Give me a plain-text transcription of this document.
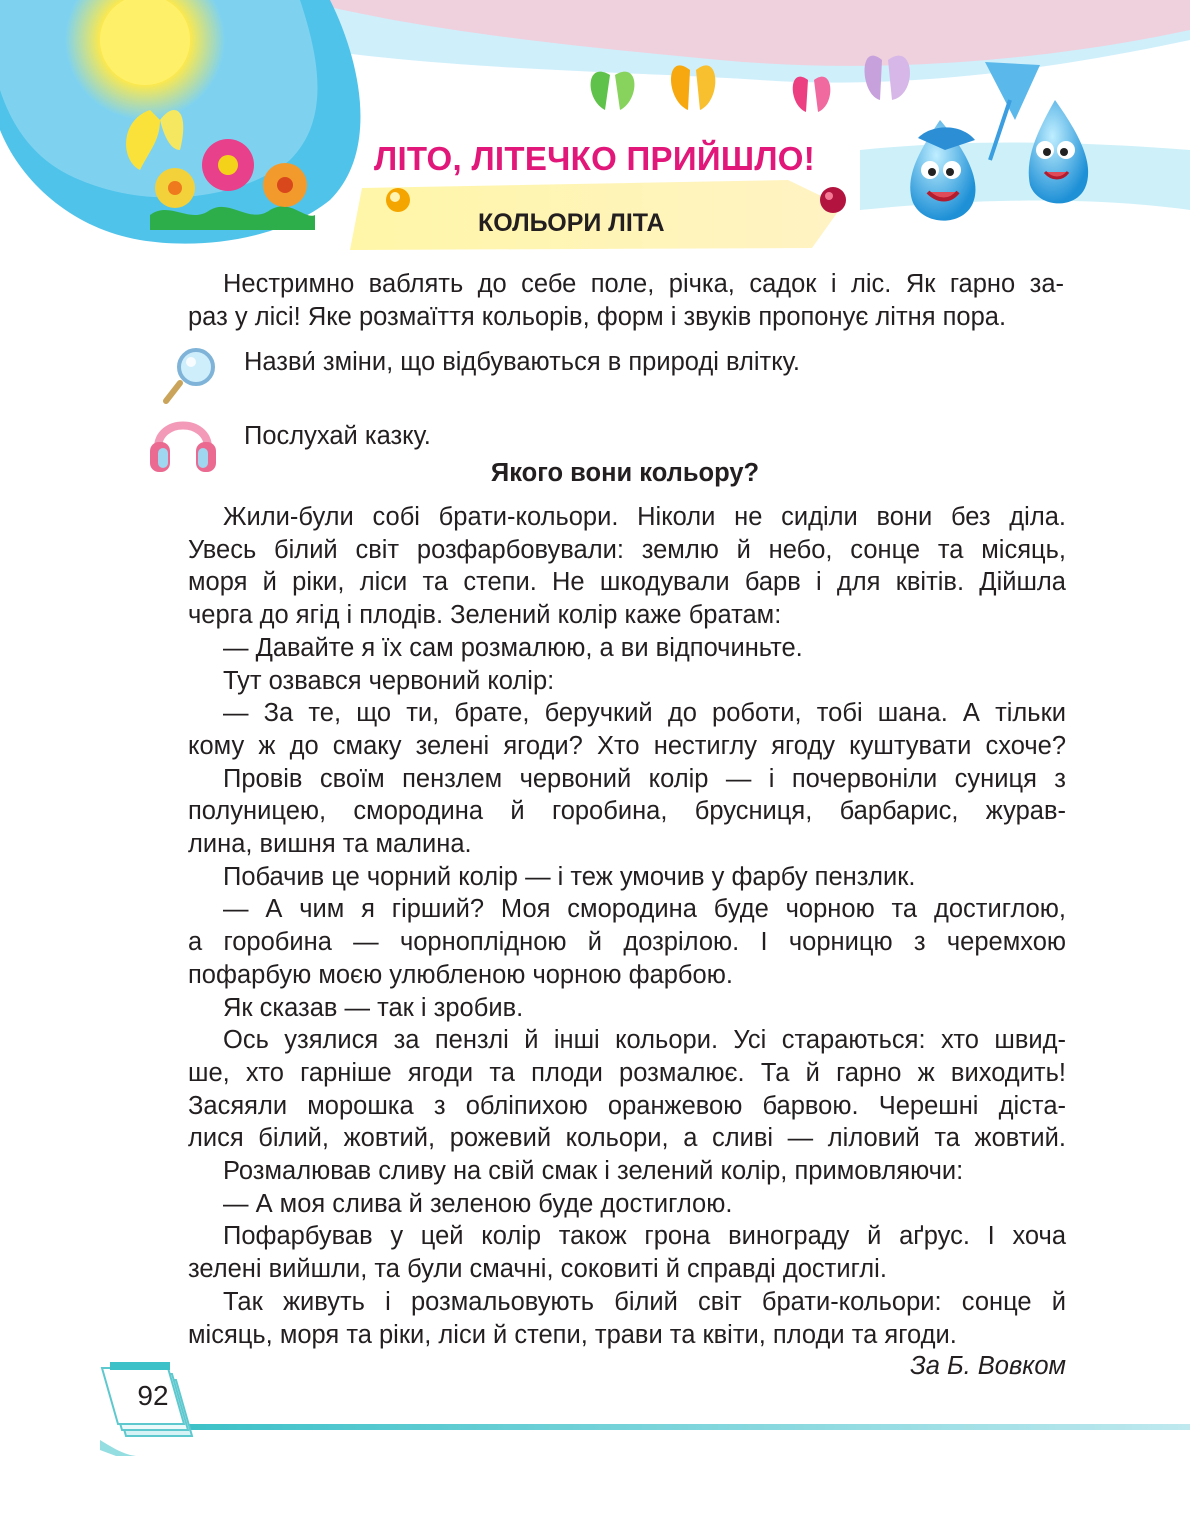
ЛІТО, ЛІТЕЧКО ПРИЙШЛО!
КОЛЬОРИ ЛІТА
Нестримно ваблять до себе поле, річка, садок і ліс. Як гарно за-
раз у лісі! Яке розмаїття кольорів, форм і звуків пропонує літня пора.
Назви́ зміни, що відбуваються в природі влітку.
Послухай казку.
Якого вони кольору?
Жили-були собі брати-кольори. Ніколи не сиділи вони без діла.
Увесь білий світ розфарбовували: землю й небо, сонце та місяць,
моря й ріки, ліси та степи. Не шкодували барв і для квітів. Дійшла
черга до ягід і плодів. Зелений колір каже братам:
— Давайте я їх сам розмалюю, а ви відпочиньте.
Тут озвався червоний колір:
— За те, що ти, брате, беручкий до роботи, тобі шана. А тільки
кому ж до смаку зелені ягоди? Хто нестиглу ягоду куштувати схоче?
Провів своїм пензлем червоний колір — і почервоніли суниця з
полуницею, смородина й горобина, брусниця, барбарис, журав-
лина, вишня та малина.
Побачив це чорний колір — і теж умочив у фарбу пензлик.
— А чим я гірший? Моя смородина буде чорною та достиглою,
а горобина — чорноплідною й дозрілою. І чорницю з черемхою
пофарбую моєю улюбленою чорною фарбою.
Як сказав — так і зробив.
Ось узялися за пензлі й інші кольори. Усі стараються: хто швид-
ше, хто гарніше ягоди та плоди розмалює. Та й гарно ж виходить!
Засяяли морошка з обліпихою оранжевою барвою. Черешні діста-
лися білий, жовтий, рожевий кольори, а сливі — ліловий та жовтий.
Розмалював сливу на свій смак і зелений колір, примовляючи:
— А моя слива й зеленою буде достиглою.
Пофарбував у цей колір також грона винограду й аґрус. І хоча
зелені вийшли, та були смачні, соковиті й справді достиглі.
Так живуть і розмальовують білий світ брати-кольори: сонце й
місяць, моря та ріки, ліси й степи, трави та квіти, плоди та ягоди.
За Б. Вовком
92
